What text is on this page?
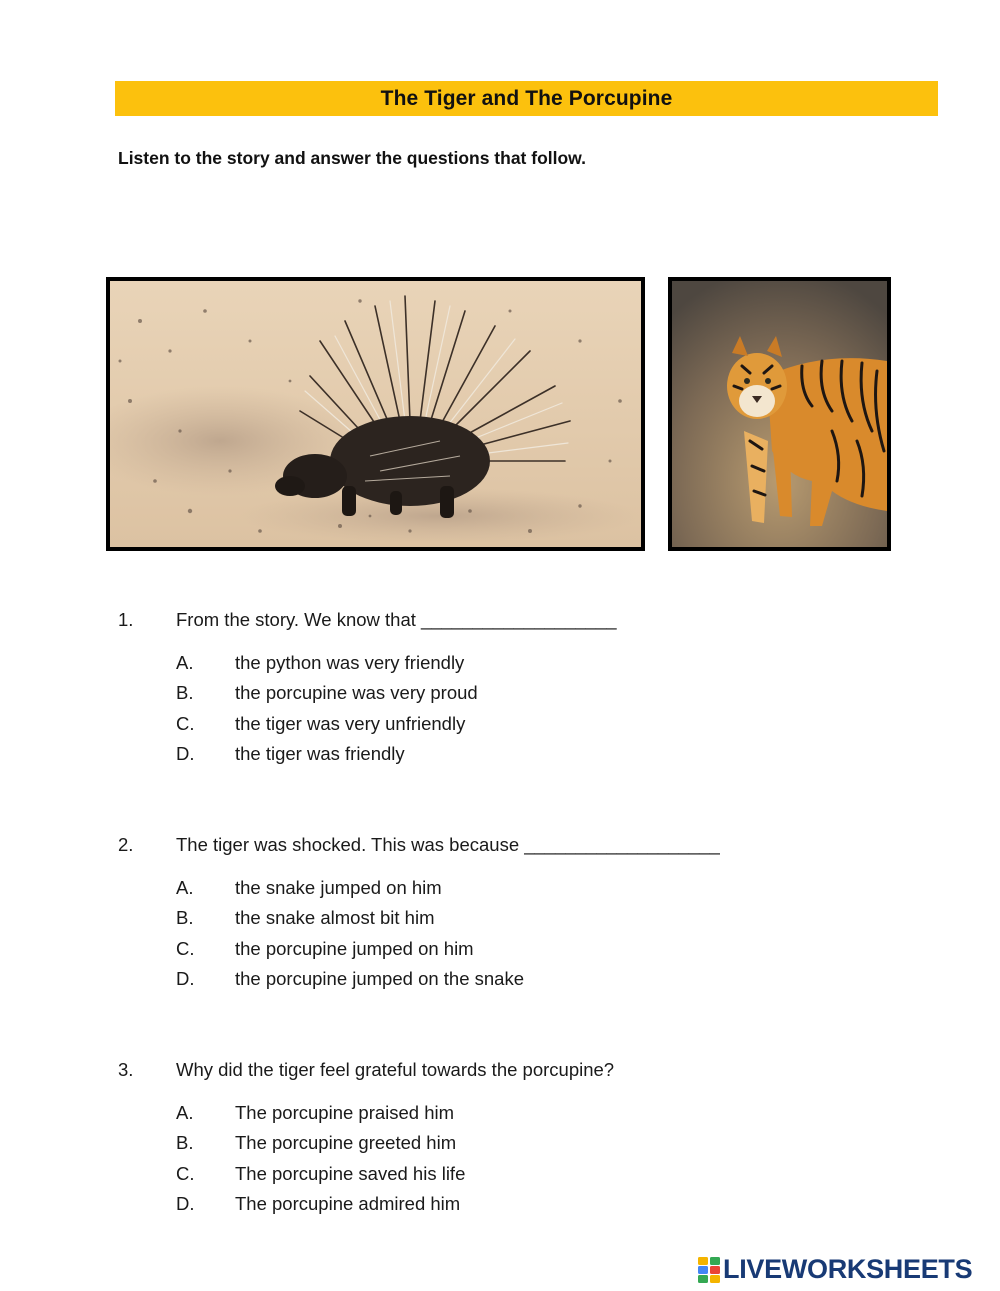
The Tiger and The Porcupine
Listen to the story and answer the questions that follow.
1. From the story. We know that ___________________
A. the python was very friendly
B. the porcupine was very proud
C. the tiger was very unfriendly
D. the tiger was friendly
2. The tiger was shocked. This was because ___________________
A. the snake jumped on him
B. the snake almost bit him
C. the porcupine jumped on him
D. the porcupine jumped on the snake
3. Why did the tiger feel grateful towards the porcupine?
A. The porcupine praised him
B. The porcupine greeted him
C. The porcupine saved his life
D. The porcupine admired him
LIVEWORKSHEETS
